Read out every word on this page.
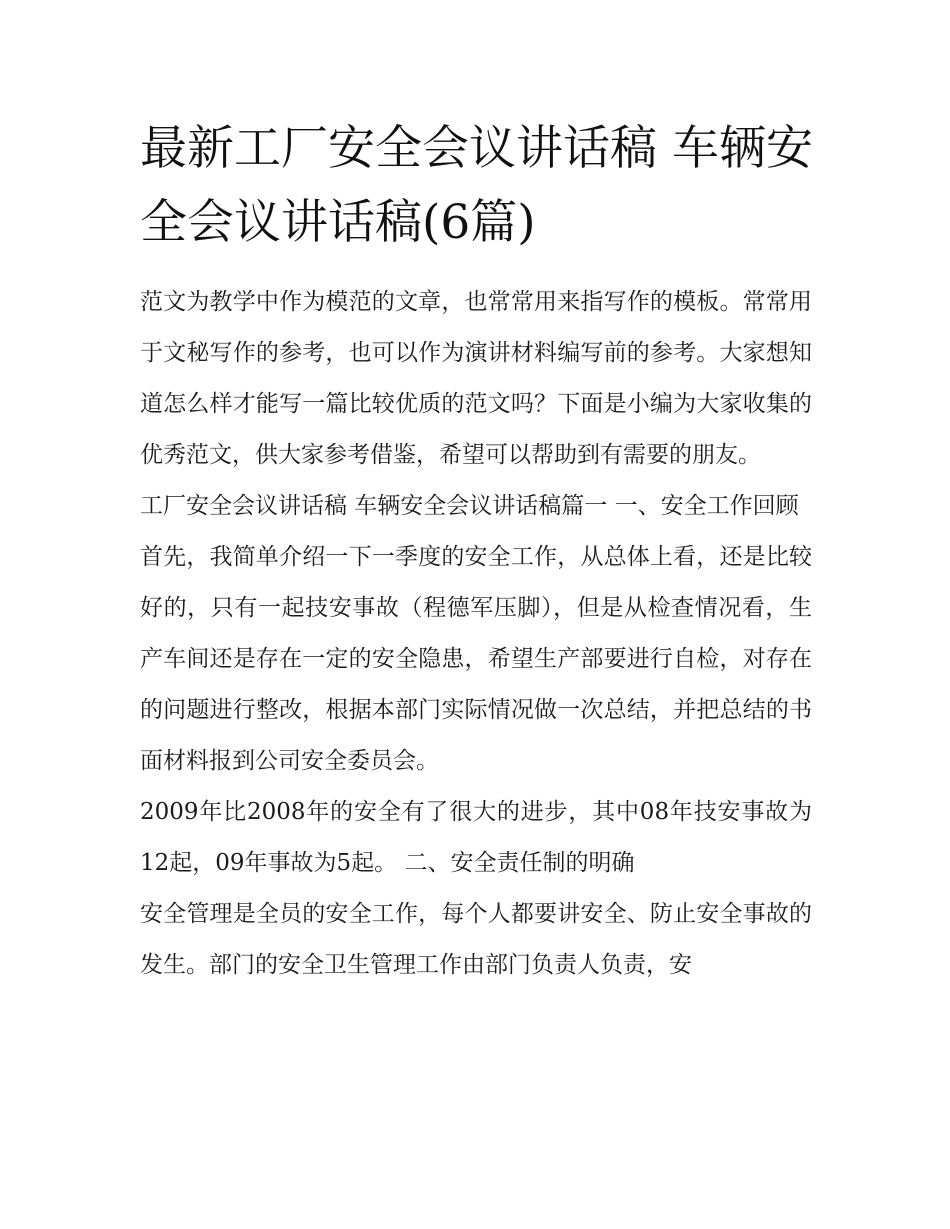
最新工厂安全会议讲话稿 车辆安全会议讲话稿(6篇)

范文为教学中作为模范的文章，也常常用来指写作的模板。常常用于文秘写作的参考，也可以作为演讲材料编写前的参考。大家想知道怎么样才能写一篇比较优质的范文吗？下面是小编为大家收集的优秀范文，供大家参考借鉴，希望可以帮助到有需要的朋友。

工厂安全会议讲话稿 车辆安全会议讲话稿篇一 一、安全工作回顾

首先，我简单介绍一下一季度的安全工作，从总体上看，还是比较好的，只有一起技安事故（程德军压脚），但是从检查情况看，生产车间还是存在一定的安全隐患，希望生产部要进行自检，对存在的问题进行整改，根据本部门实际情况做一次总结，并把总结的书面材料报到公司安全委员会。

2009年比2008年的安全有了很大的进步，其中08年技安事故为12起，09年事故为5起。 二、安全责任制的明确

安全管理是全员的安全工作，每个人都要讲安全、防止安全事故的发生。部门的安全卫生管理工作由部门负责人负责，安
